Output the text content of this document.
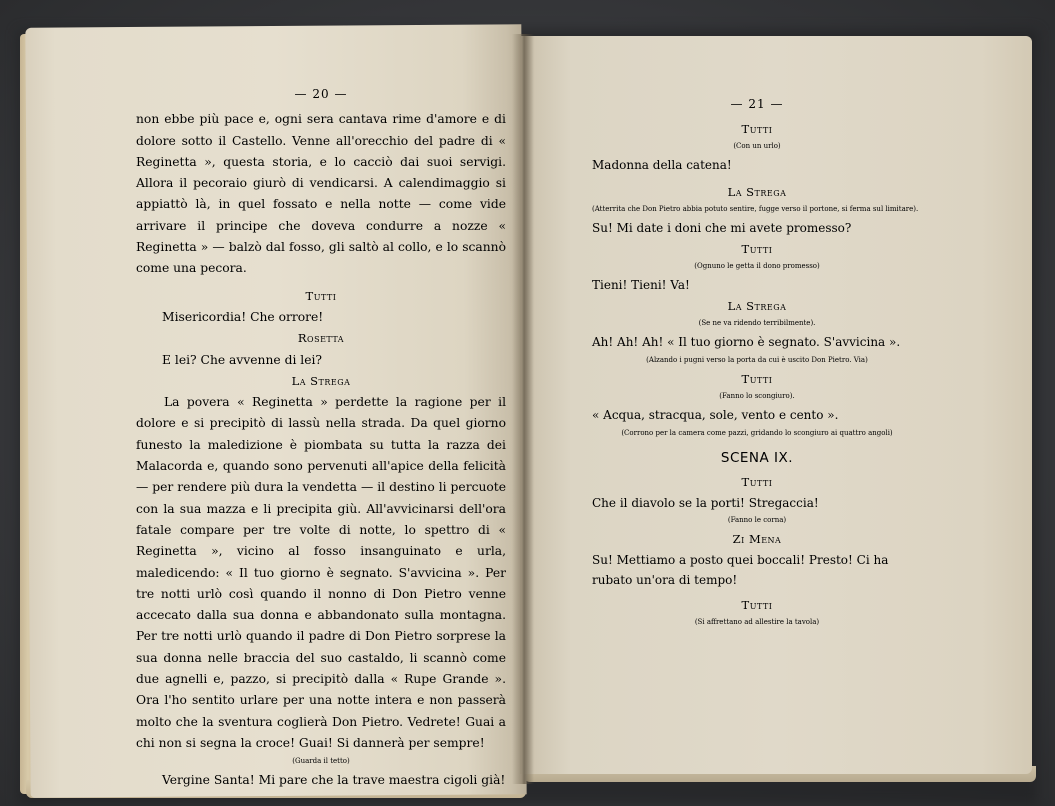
— 20 —

non ebbe più pace e, ogni sera cantava rime d'amore e di dolore sotto il Castello. Venne all'orecchio del padre di « Reginetta », questa storia, e lo cacciò dai suoi servigi. Allora il pecoraio giurò di vendicarsi. A calendimaggio si appiattò là, in quel fossato e nella notte — come vide arrivare il principe che doveva condurre a nozze « Reginetta » — balzò dal fosso, gli saltò al collo, e lo scannò come una pecora.

Tutti

Misericordia! Che orrore!

Rosetta

E lei? Che avvenne di lei?

La Strega

La povera « Reginetta » perdette la ragione per il dolore e si precipitò di lassù nella strada. Da quel giorno funesto la maledizione è piombata su tutta la razza dei Malacorda e, quando sono pervenuti all'apice della felicità — per rendere più dura la vendetta — il destino li percuote con la sua mazza e li precipita giù. All'avvicinarsi dell'ora fatale compare per tre volte di notte, lo spettro di « Reginetta », vicino al fosso insanguinato e urla, maledicendo: « Il tuo giorno è segnato. S'avvicina ». Per tre notti urlò così quando il nonno di Don Pietro venne accecato dalla sua donna e abbandonato sulla montagna. Per tre notti urlò quando il padre di Don Pietro sorprese la sua donna nelle braccia del suo castaldo, li scannò come due agnelli e, pazzo, si precipitò dalla « Rupe Grande ». Ora l'ho sentito urlare per una notte intera e non passerà molto che la sventura coglierà Don Pietro. Vedrete! Guai a chi non si segna la croce! Guai! Si dannerà per sempre!

(Guarda il tetto)

Vergine Santa! Mi pare che la trave maestra cigoli già!

— 21 —

Tutti

(Con un urlo)

Madonna della catena!

La Strega

(Atterrita che Don Pietro abbia potuto sentire, fugge verso il portone, si ferma sul limitare).

Su! Mi date i doni che mi avete promesso?

Tutti

(Ognuno le getta il dono promesso)

Tieni! Tieni! Va!

La Strega

(Se ne va ridendo terribilmente).

Ah! Ah! Ah! « Il tuo giorno è segnato. S'avvicina ».

(Alzando i pugni verso la porta da cui è uscito Don Pietro. Via)

Tutti

(Fanno lo scongiuro).

« Acqua, stracqua, sole, vento e cento ».

(Corrono per la camera come pazzi, gridando lo scongiuro ai quattro angoli)

SCENA IX.

Tutti

Che il diavolo se la porti! Stregaccia!

(Fanno le corna)

Zi Mena

Su! Mettiamo a posto quei boccali! Presto! Ci ha rubato un'ora di tempo!

Tutti

(Si affrettano ad allestire la tavola)
